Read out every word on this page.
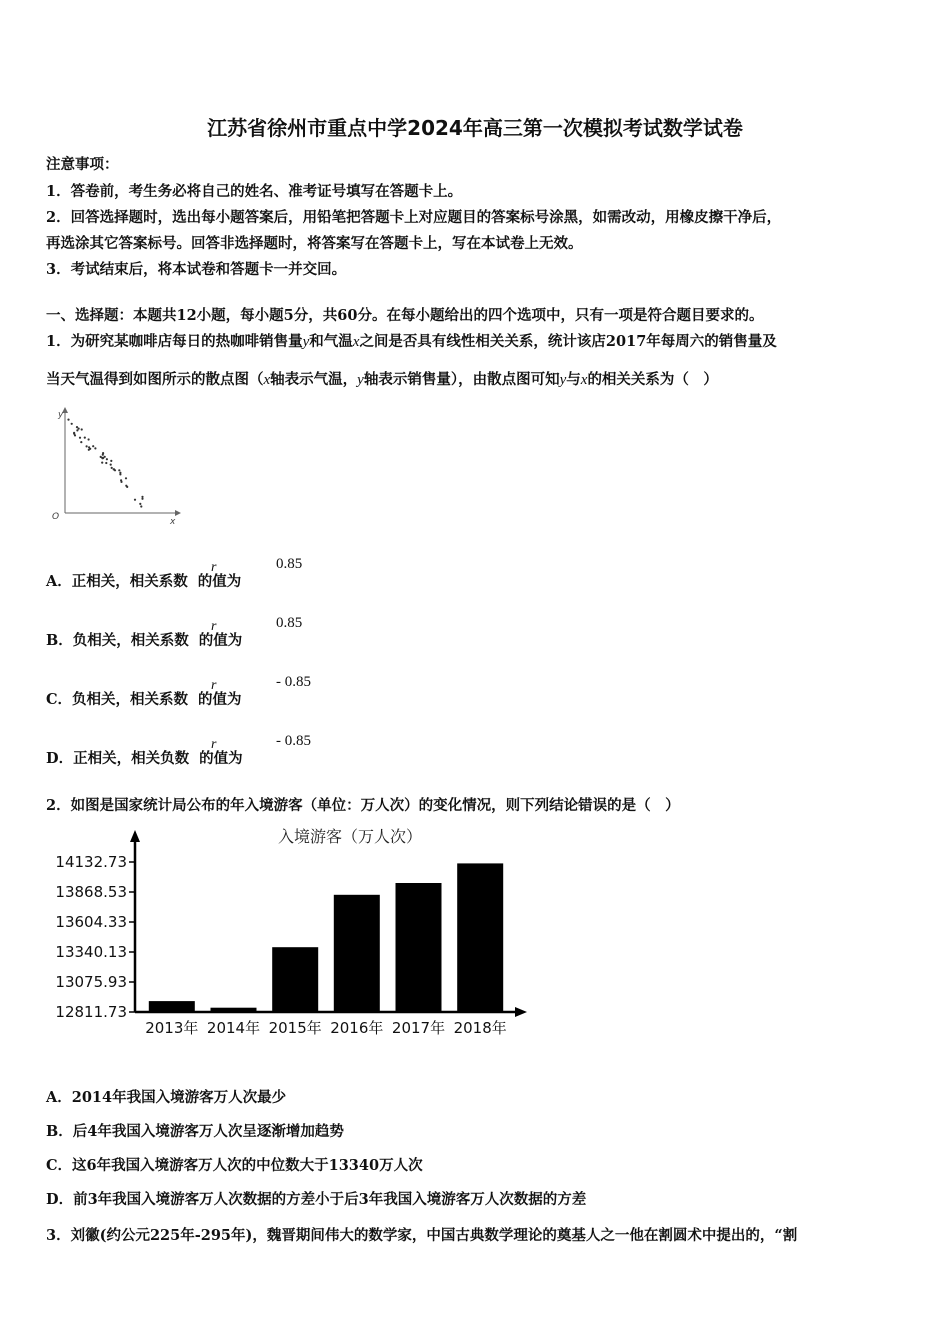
江苏省徐州市重点中学2024年高三第一次模拟考试数学试卷
注意事项：
1．答卷前，考生务必将自己的姓名、准考证号填写在答题卡上。
2．回答选择题时，选出每小题答案后，用铅笔把答题卡上对应题目的答案标号涂黑，如需改动，用橡皮擦干净后，
再选涂其它答案标号。回答非选择题时，将答案写在答题卡上，写在本试卷上无效。
3．考试结束后，将本试卷和答题卡一并交回。
一、选择题：本题共12小题，每小题5分，共60分。在每小题给出的四个选项中，只有一项是符合题目要求的。
1．为研究某咖啡店每日的热咖啡销售量y和气温x之间是否具有线性相关关系，统计该店2017年每周六的销售量及
当天气温得到如图所示的散点图（x轴表示气温，y轴表示销售量），由散点图可知y与x的相关关系为（　）
y
O	x
A．正相关，相关系数 的值为
r	0.85
B．负相关，相关系数 的值为
r	0.85
C．负相关，相关系数 的值为
r	- 0.85
D．正相关，相关负数 的值为
r	- 0.85
2．如图是国家统计局公布的年入境游客（单位：万人次）的变化情况，则下列结论错误的是（　）
入境游客（万人次）
12811.73
13075.93
13340.13
13604.33
13868.53
14132.73
2013年 2014年 2015年 2016年 2017年 2018年
A．2014年我国入境游客万人次最少
B．后4年我国入境游客万人次呈逐渐增加趋势
C．这6年我国入境游客万人次的中位数大于13340万人次
D．前3年我国入境游客万人次数据的方差小于后3年我国入境游客万人次数据的方差
3．刘徽(约公元225年-295年)，魏晋期间伟大的数学家，中国古典数学理论的奠基人之一他在割圆术中提出的，“割
